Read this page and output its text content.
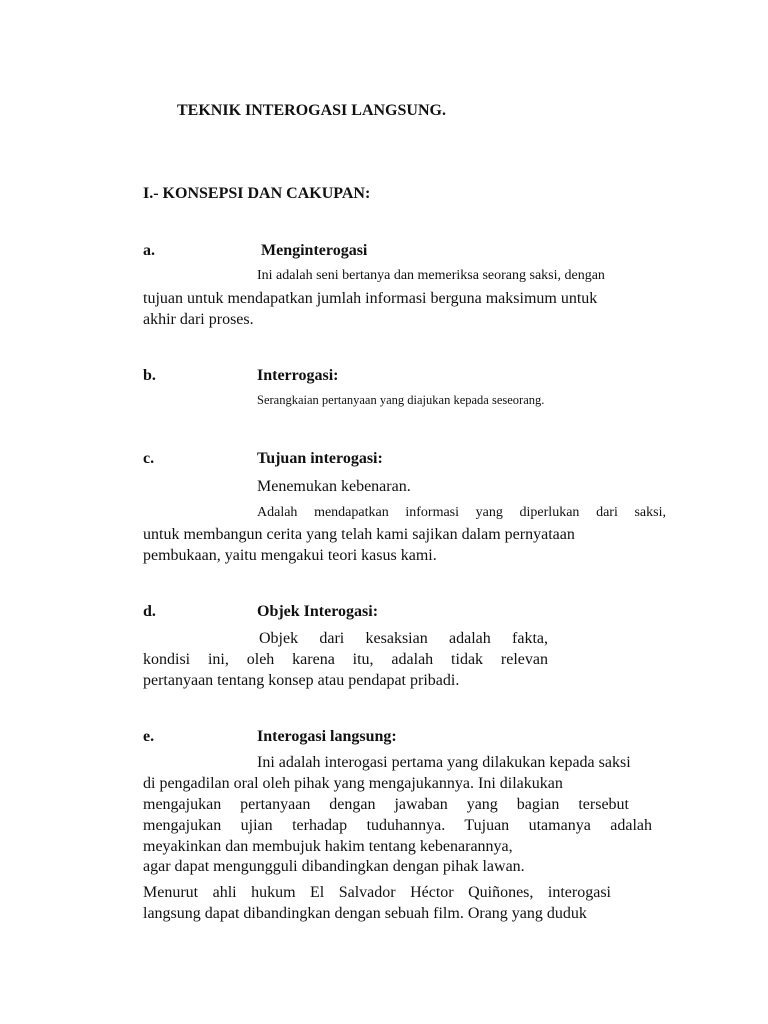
TEKNIK INTEROGASI LANGSUNG.
I.- KONSEPSI DAN CAKUPAN:
a.	Menginterogasi
Ini adalah seni bertanya dan memeriksa seorang saksi, dengan
tujuan untuk mendapatkan jumlah informasi berguna maksimum untuk
akhir dari proses.
b.	Interrogasi:
Serangkaian pertanyaan yang diajukan kepada seseorang.
c.	Tujuan interogasi:
Menemukan kebenaran.
Adalah mendapatkan informasi yang diperlukan dari saksi,
untuk membangun cerita yang telah kami sajikan dalam pernyataan
pembukaan, yaitu mengakui teori kasus kami.
d.	Objek Interogasi:
Objek dari kesaksian adalah fakta,
kondisi ini, oleh karena itu, adalah tidak relevan
pertanyaan tentang konsep atau pendapat pribadi.
e.	Interogasi langsung:
Ini adalah interogasi pertama yang dilakukan kepada saksi
di pengadilan oral oleh pihak yang mengajukannya. Ini dilakukan
mengajukan pertanyaan dengan jawaban yang bagian tersebut
mengajukan ujian terhadap tuduhannya. Tujuan utamanya adalah
meyakinkan dan membujuk hakim tentang kebenarannya,
agar dapat mengungguli dibandingkan dengan pihak lawan.
Menurut ahli hukum El Salvador Héctor Quiñones, interogasi
langsung dapat dibandingkan dengan sebuah film. Orang yang duduk
